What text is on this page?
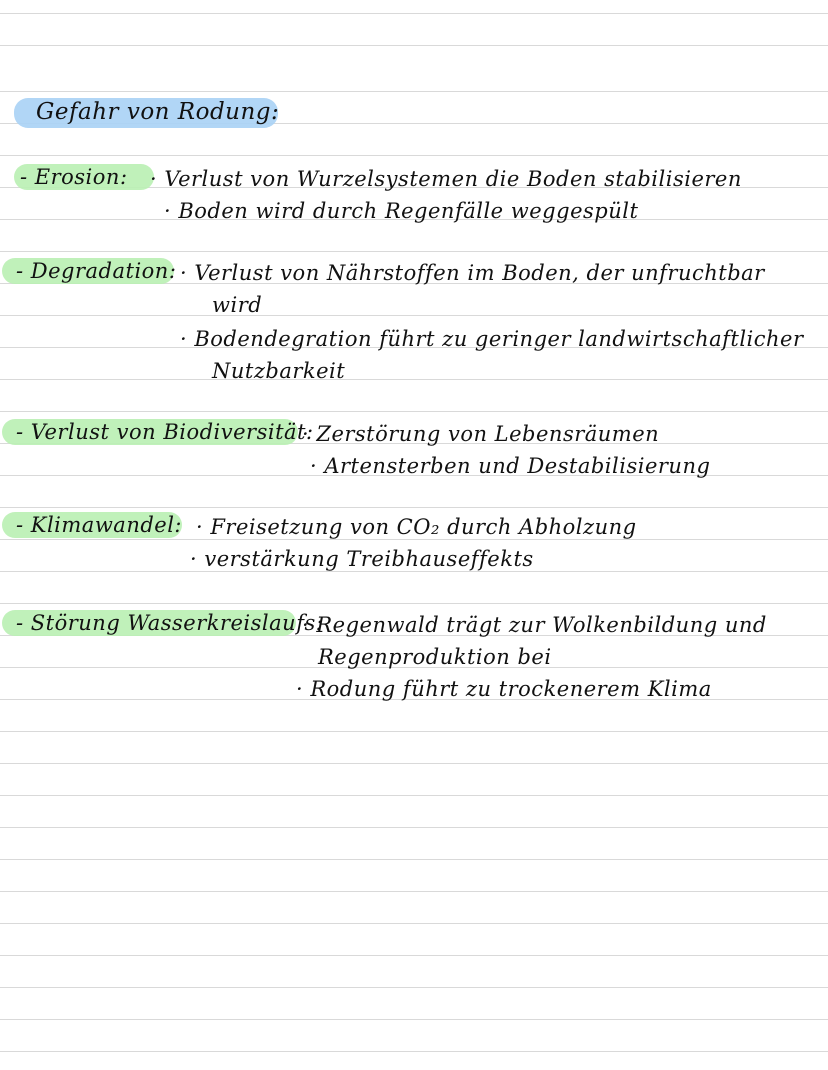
Gefahr von Rodung:
- Erosion: · Verlust von Wurzelsystemen die Boden stabilisieren
· Boden wird durch Regenfälle weggespült
- Degradation: · Verlust von Nährstoffen im Boden, der unfruchtbar
wird
· Bodendegration führt zu geringer landwirtschaftlicher
Nutzbarkeit
- Verlust von Biodiversität:
· Zerstörung von Lebensräumen
· Artensterben und Destabilisierung
- Klimawandel: · Freisetzung von CO₂ durch Abholzung
· verstärkung Treibhauseffekts
- Störung Wasserkreislaufs:
· Regenwald trägt zur Wolkenbildung und
Regenproduktion bei
· Rodung führt zu trockenerem Klima
